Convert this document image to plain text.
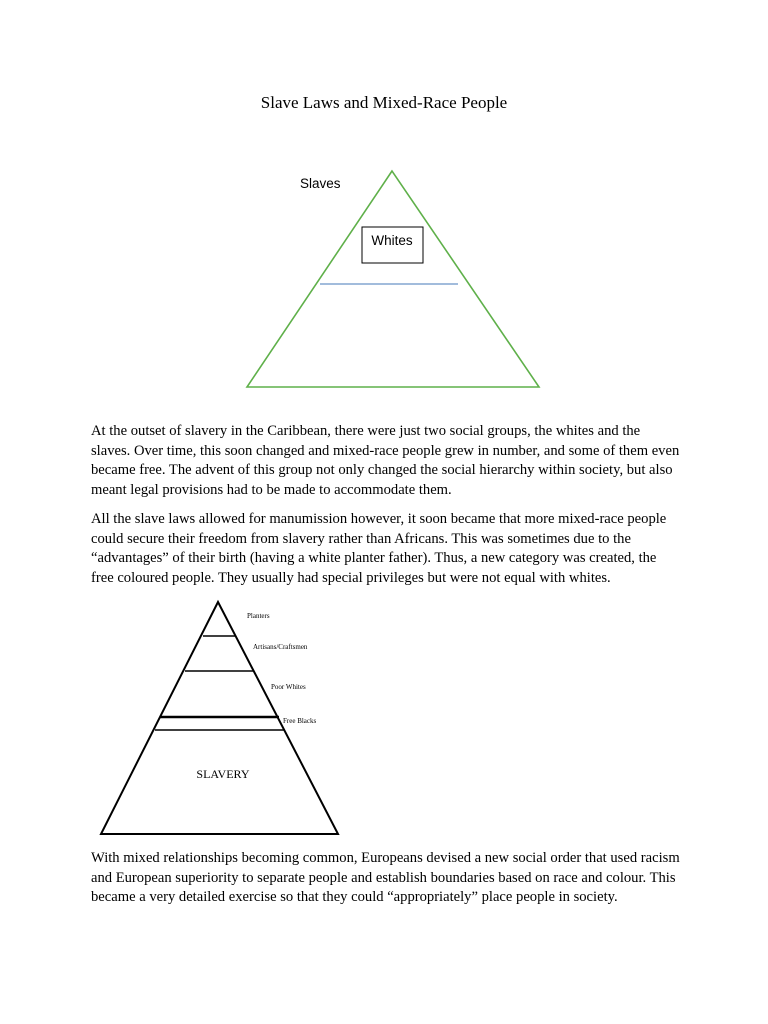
Slave Laws and Mixed-Race People
Slaves
Whites

At the outset of slavery in the Caribbean, there were just two social groups, the whites and the slaves. Over time, this soon changed and mixed-race people grew in number, and some of them even became free. The advent of this group not only changed the social hierarchy within society, but also meant legal provisions had to be made to accommodate them.

All the slave laws allowed for manumission however, it soon became that more mixed-race people could secure their freedom from slavery rather than Africans. This was sometimes due to the “advantages” of their birth (having a white planter father). Thus, a new category was created, the free coloured people. They usually had special privileges but were not equal with whites.

Planters
Artisans/Craftsmen
Poor Whites
Free Blacks
SLAVERY

With mixed relationships becoming common, Europeans devised a new social order that used racism and European superiority to separate people and establish boundaries based on race and colour. This became a very detailed exercise so that they could “appropriately” place people in society.
